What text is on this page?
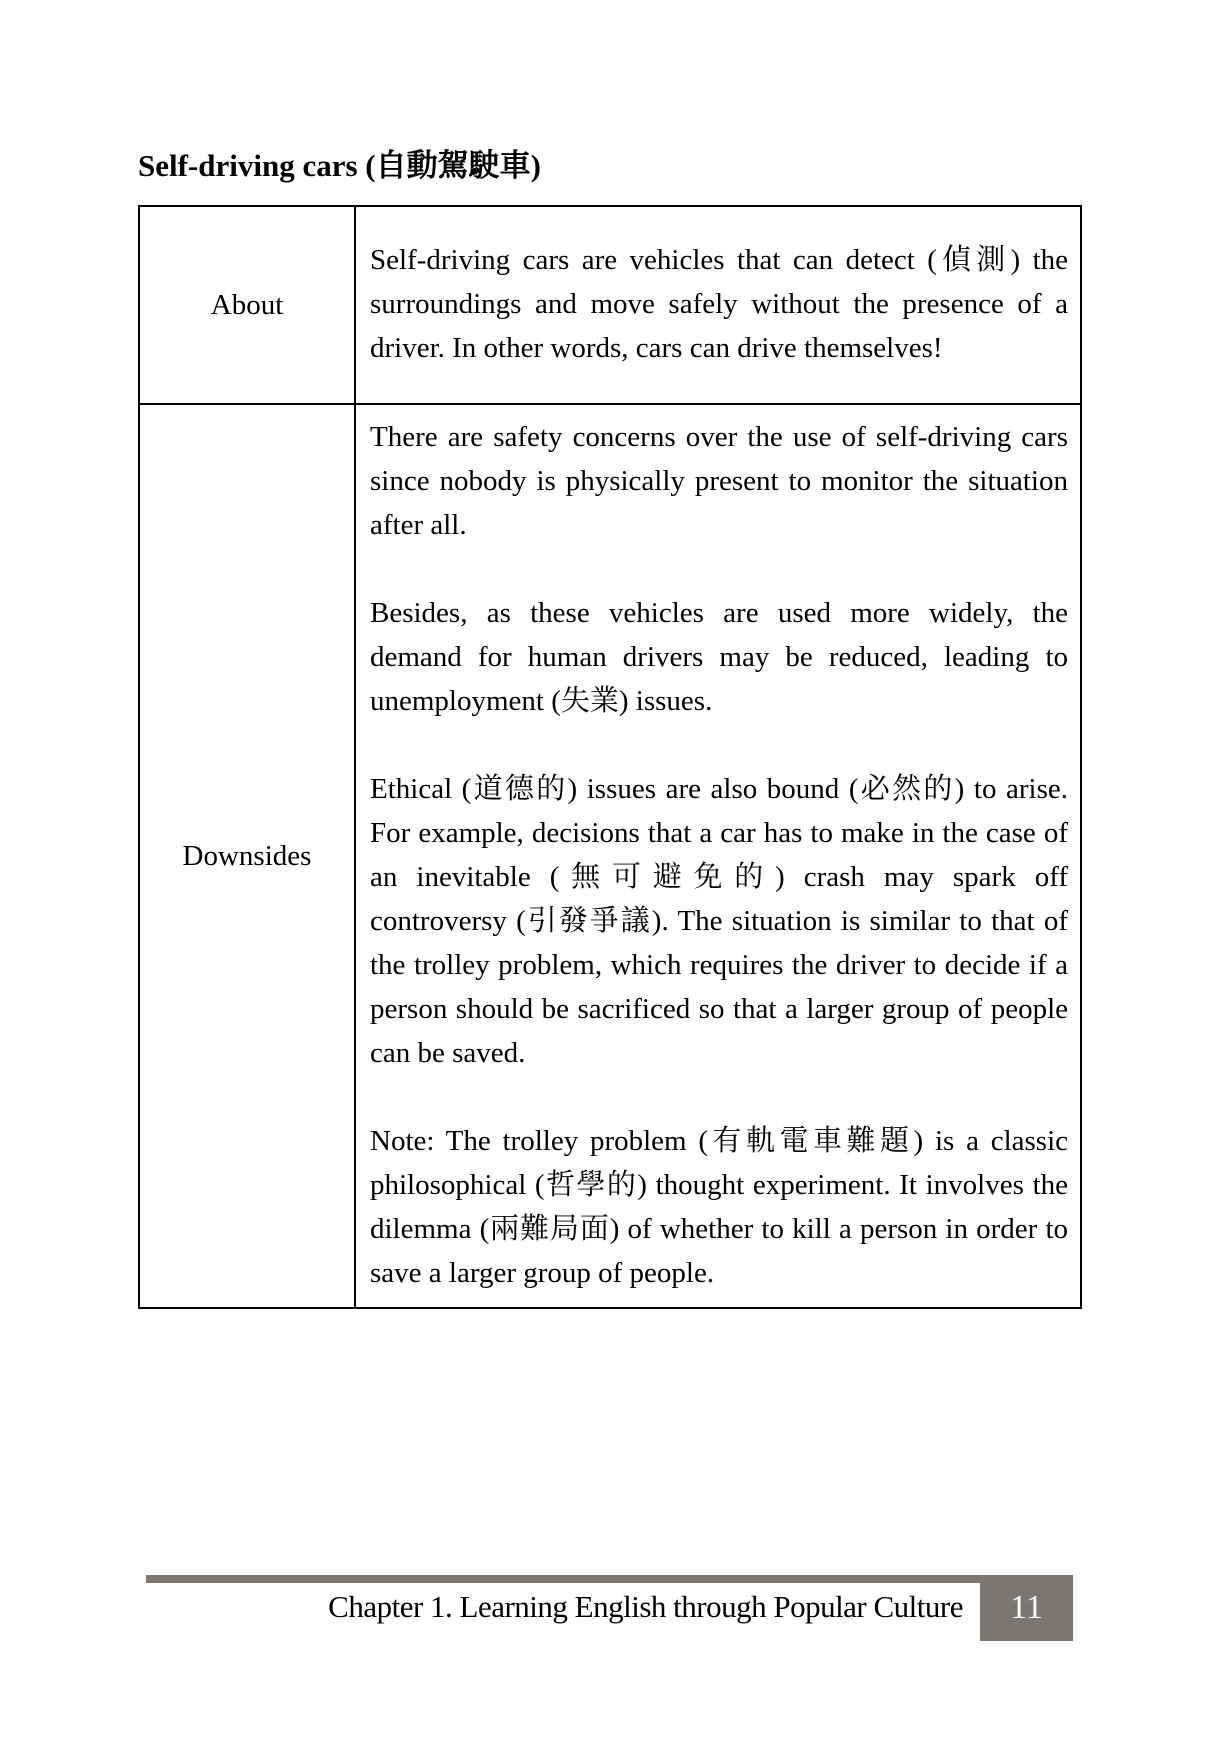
Self-driving cars (自動駕駛車)
About	Self-driving cars are vehicles that can detect (偵測) the surroundings and move safely without the presence of a driver. In other words, cars can drive themselves!

Downsides	There are safety concerns over the use of self-driving cars since nobody is physically present to monitor the situation after all.

Besides, as these vehicles are used more widely, the demand for human drivers may be reduced, leading to unemployment (失業) issues.

Ethical (道德的) issues are also bound (必然的) to arise. For example, decisions that a car has to make in the case of an inevitable (無可避免的) crash may spark off controversy (引發爭議). The situation is similar to that of the trolley problem, which requires the driver to decide if a person should be sacrificed so that a larger group of people can be saved.

Note: The trolley problem (有軌電車難題) is a classic philosophical (哲學的) thought experiment. It involves the dilemma (兩難局面) of whether to kill a person in order to save a larger group of people.

Chapter 1. Learning English through Popular Culture 11
